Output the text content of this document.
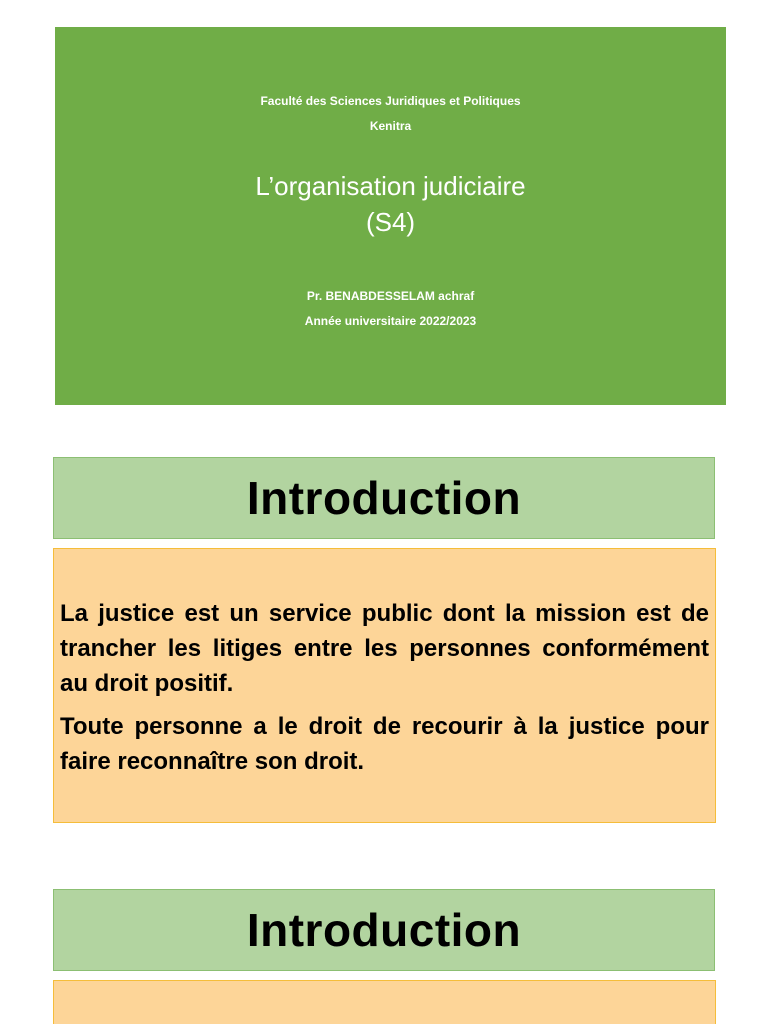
Faculté des Sciences Juridiques et Politiques
Kenitra
L’organisation judiciaire
(S4)
Pr. BENABDESSELAM achraf
Année universitaire 2022/2023
Introduction

La justice est un service public dont la mission est de trancher les litiges entre les personnes conformément au droit positif.

Toute personne a le droit de recourir à la justice pour faire reconnaître son droit.

Introduction
